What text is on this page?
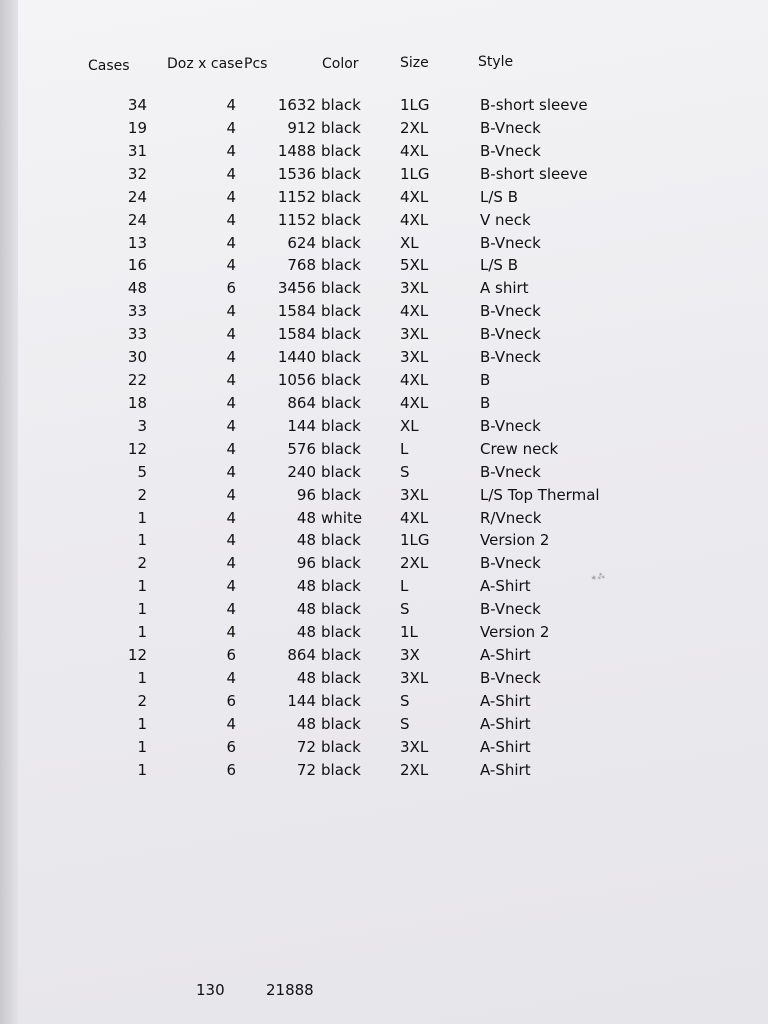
Cases	Doz x case Pcs	Color	Size	Style
34	4	1632 black	1LG	B-short sleeve
19	4	912 black	2XL	B-Vneck
31	4	1488 black	4XL	B-Vneck
32	4	1536 black	1LG	B-short sleeve
24	4	1152 black	4XL	L/S B
24	4	1152 black	4XL	V neck
13	4	624 black	XL	B-Vneck
16	4	768 black	5XL	L/S B
48	6	3456 black	3XL	A shirt
33	4	1584 black	4XL	B-Vneck
33	4	1584 black	3XL	B-Vneck
30	4	1440 black	3XL	B-Vneck
22	4	1056 black	4XL	B
18	4	864 black	4XL	B
3	4	144 black	XL	B-Vneck
12	4	576 black	L	Crew neck
5	4	240 black	S	B-Vneck
2	4	96 black	3XL	L/S Top Thermal
1	4	48 white	4XL	R/Vneck
1	4	48 black	1LG	Version 2
2	4	96 black	2XL	B-Vneck
1	4	48 black	L	A-Shirt
1	4	48 black	S	B-Vneck
1	4	48 black	1L	Version 2
12	6	864 black	3X	A-Shirt
1	4	48 black	3XL	B-Vneck
2	6	144 black	S	A-Shirt
1	4	48 black	S	A-Shirt
1	6	72 black	3XL	A-Shirt
1	6	72 black	2XL	A-Shirt
130	21888
✶⁂
